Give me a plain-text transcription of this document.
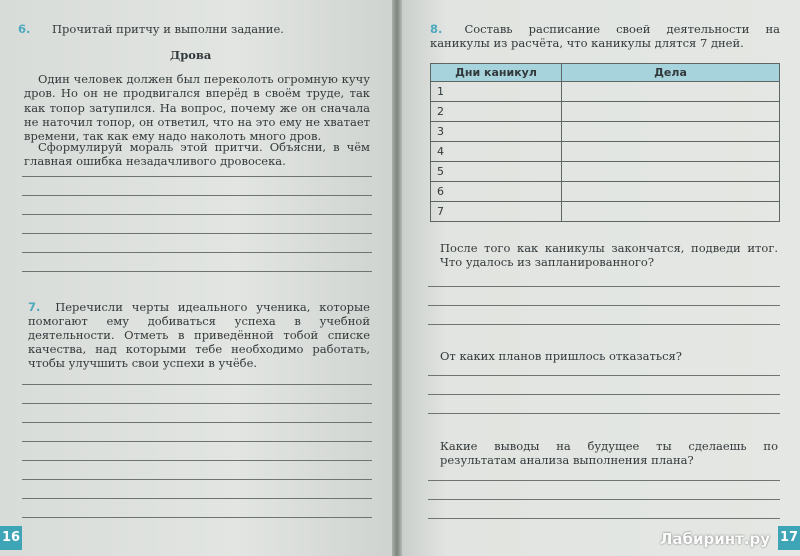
6. Прочитай притчу и выполни задание.
Дрова
Один человек должен был переколоть огромную кучу дров. Но он не продвигался вперёд в своём труде, так как топор затупился. На вопрос, почему же он сначала не наточил топор, он ответил, что на это ему не хватает времени, так как ему надо наколоть много дров.
Сформулируй мораль этой притчи. Объясни, в чём главная ошибка незадачливого дровосека.
7. Перечисли черты идеального ученика, которые помогают ему добиваться успеха в учебной деятельности. Отметь в приведённой тобой списке качества, над которыми тебе необходимо работать, чтобы улучшить свои успехи в учёбе.
16
8. Составь расписание своей деятельности на каникулы из расчёта, что каникулы длятся 7 дней.
Дни каникул	Дела
1	
2	
3	
4	
5	
6	
7	
После того как каникулы закончатся, подведи итог. Что удалось из запланированного?
От каких планов пришлось отказаться?
Какие выводы на будущее ты сделаешь по результатам анализа выполнения плана?
17
Лабиринт.ру
